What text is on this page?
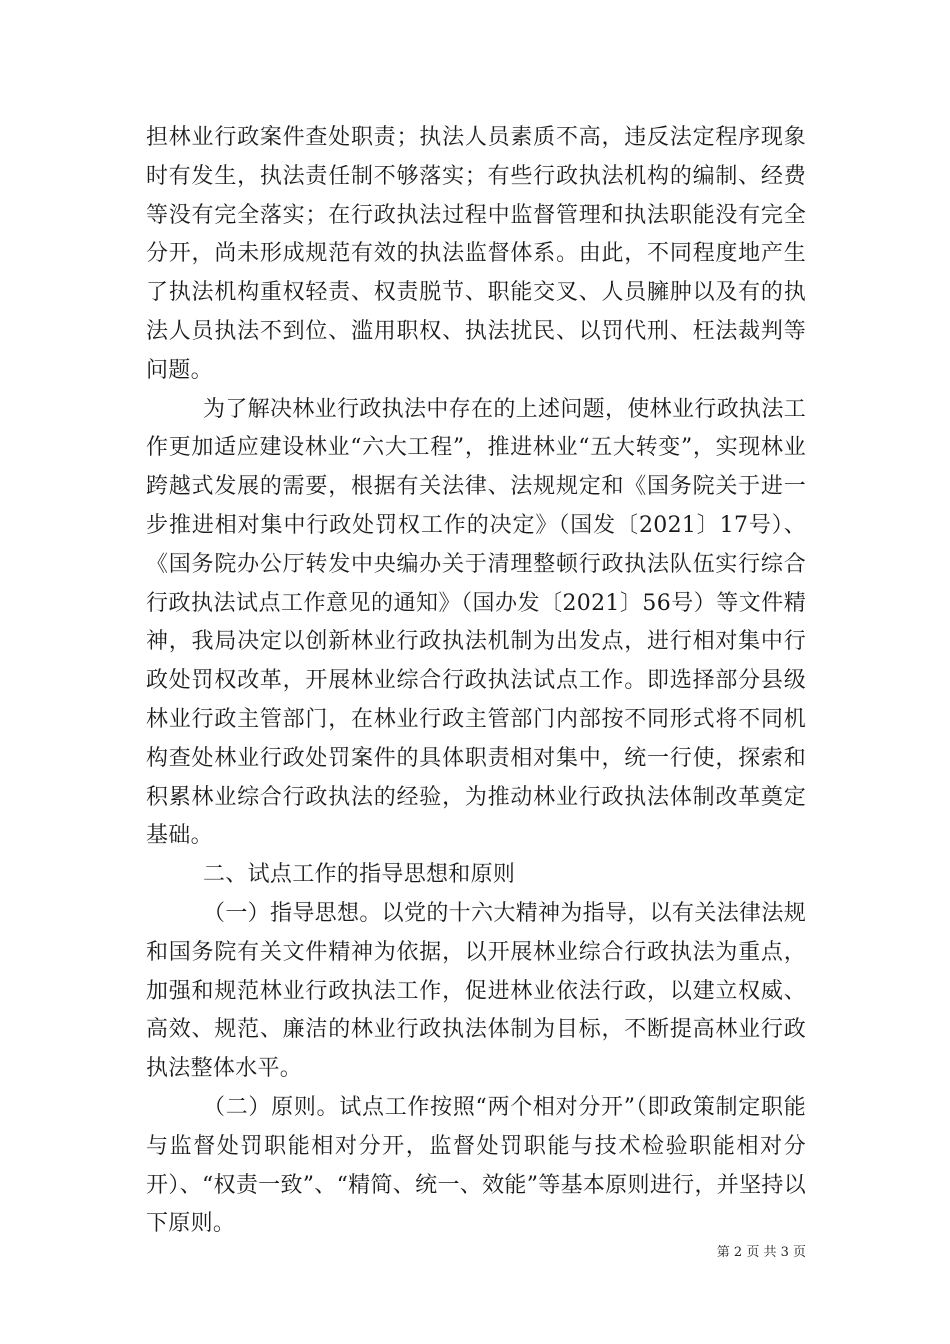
担林业行政案件查处职责；执法人员素质不高，违反法定程序现象时有发生，执法责任制不够落实；有些行政执法机构的编制、经费等没有完全落实；在行政执法过程中监督管理和执法职能没有完全分开，尚未形成规范有效的执法监督体系。由此，不同程度地产生了执法机构重权轻责、权责脱节、职能交叉、人员臃肿以及有的执法人员执法不到位、滥用职权、执法扰民、以罚代刑、枉法裁判等问题。

为了解决林业行政执法中存在的上述问题，使林业行政执法工作更加适应建设林业“六大工程”，推进林业“五大转变”，实现林业跨越式发展的需要，根据有关法律、法规规定和《国务院关于进一步推进相对集中行政处罚权工作的决定》（国发〔2021〕17号）、《国务院办公厅转发中央编办关于清理整顿行政执法队伍实行综合行政执法试点工作意见的通知》（国办发〔2021〕56号）等文件精神，我局决定以创新林业行政执法机制为出发点，进行相对集中行政处罚权改革，开展林业综合行政执法试点工作。即选择部分县级林业行政主管部门，在林业行政主管部门内部按不同形式将不同机构查处林业行政处罚案件的具体职责相对集中，统一行使，探索和积累林业综合行政执法的经验，为推动林业行政执法体制改革奠定基础。

二、试点工作的指导思想和原则

（一）指导思想。以党的十六大精神为指导，以有关法律法规和国务院有关文件精神为依据，以开展林业综合行政执法为重点，加强和规范林业行政执法工作，促进林业依法行政，以建立权威、高效、规范、廉洁的林业行政执法体制为目标，不断提高林业行政执法整体水平。

（二）原则。试点工作按照“两个相对分开”（即政策制定职能与监督处罚职能相对分开，监督处罚职能与技术检验职能相对分开）、“权责一致”、“精简、统一、效能”等基本原则进行，并坚持以下原则。

第 2 页 共 3 页
